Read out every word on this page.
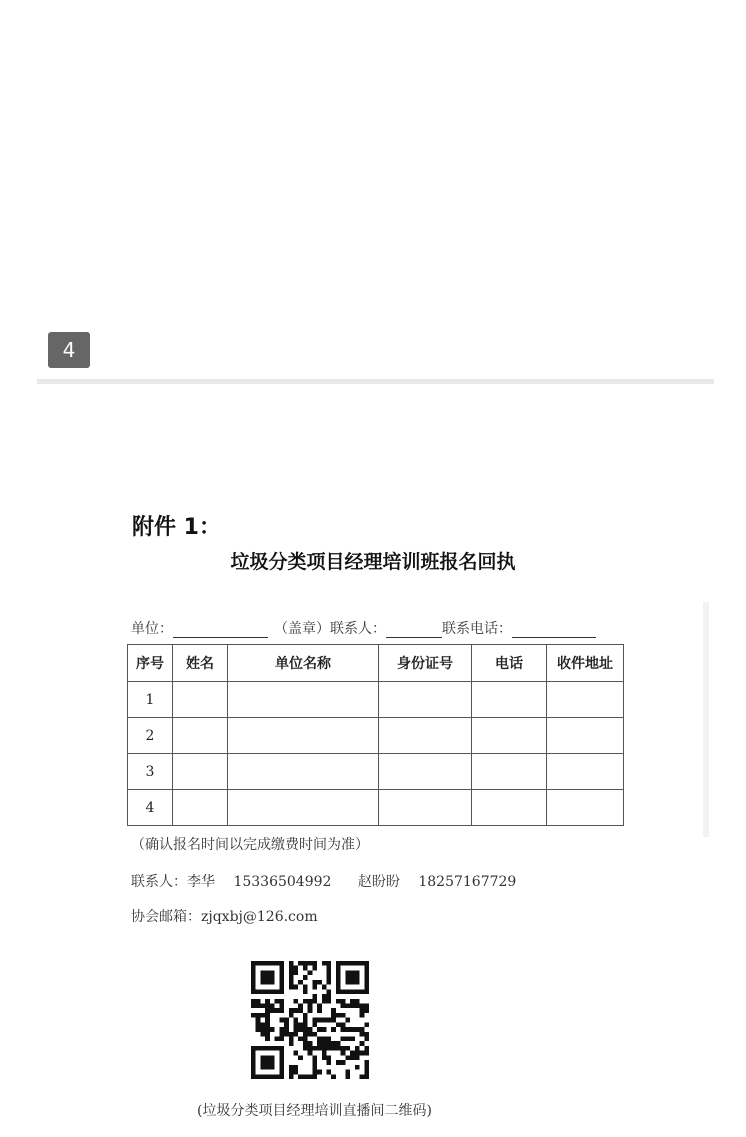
4
附件 1：
垃圾分类项目经理培训班报名回执
单位：	（盖章） 联系人：	联系电话：
序号	姓名	单位名称	身份证号	电话	收件地址
1					
2					
3					
4					
（确认报名时间以完成缴费时间为准）
联系人：李华 15336504992 赵盼盼 18257167729
协会邮箱：zjqxbj@126.com
(垃圾分类项目经理培训直播间二维码)
